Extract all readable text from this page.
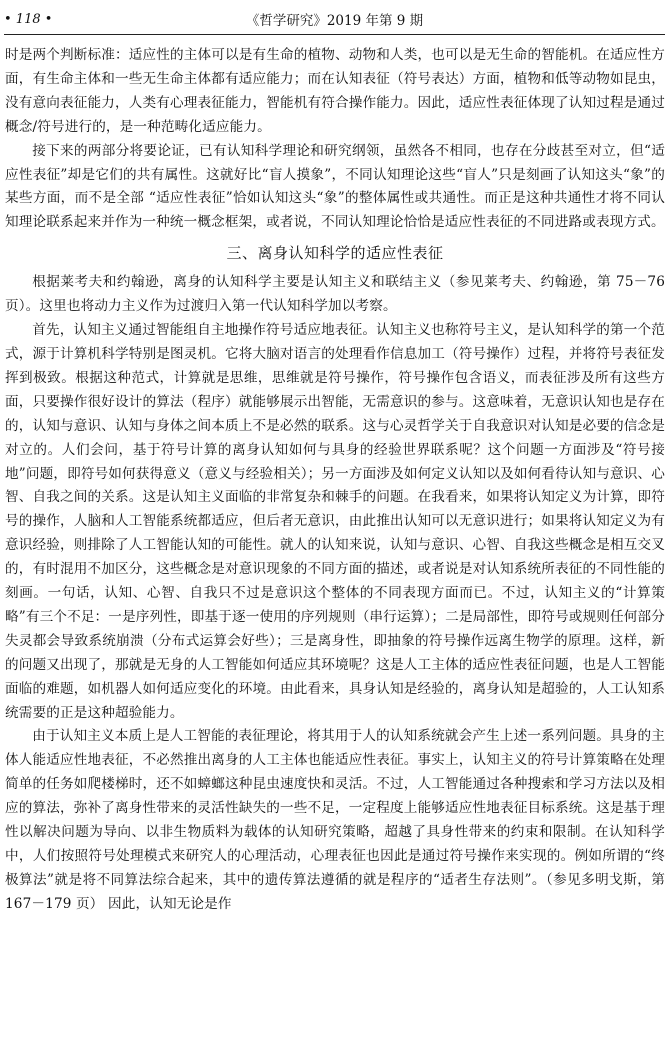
• 118 •	《哲学研究》2019 年第 9 期

时是两个判断标准：适应性的主体可以是有生命的植物、动物和人类，也可以是无生命的智能机。在适应性方面，有生命主体和一些无生命主体都有适应能力；而在认知表征（符号表达）方面，植物和低等动物如昆虫，没有意向表征能力，人类有心理表征能力，智能机有符合操作能力。因此，适应性表征体现了认知过程是通过概念/符号进行的，是一种范畴化适应能力。

接下来的两部分将要论证，已有认知科学理论和研究纲领，虽然各不相同，也存在分歧甚至对立，但“适应性表征”却是它们的共有属性。这就好比“盲人摸象”，不同认知理论这些“盲人”只是刻画了认知这头“象”的某些方面，而不是全部 “适应性表征”恰如认知这头“象”的整体属性或共通性。而正是这种共通性才将不同认知理论联系起来并作为一种统一概念框架，或者说，不同认知理论恰恰是适应性表征的不同进路或表现方式。

三、离身认知科学的适应性表征

根据莱考夫和约翰逊，离身的认知科学主要是认知主义和联结主义（参见莱考夫、约翰逊，第 75－76 页）。这里也将动力主义作为过渡归入第一代认知科学加以考察。

首先，认知主义通过智能组自主地操作符号适应地表征。认知主义也称符号主义，是认知科学的第一个范式，源于计算机科学特别是图灵机。它将大脑对语言的处理看作信息加工（符号操作）过程，并将符号表征发挥到极致。根据这种范式，计算就是思维，思维就是符号操作，符号操作包含语义，而表征涉及所有这些方面，只要操作很好设计的算法（程序）就能够展示出智能，无需意识的参与。这意味着，无意识认知也是存在的，认知与意识、认知与身体之间本质上不是必然的联系。这与心灵哲学关于自我意识对认知是必要的信念是对立的。人们会问，基于符号计算的离身认知如何与具身的经验世界联系呢？这个问题一方面涉及“符号接地”问题，即符号如何获得意义（意义与经验相关）；另一方面涉及如何定义认知以及如何看待认知与意识、心智、自我之间的关系。这是认知主义面临的非常复杂和棘手的问题。在我看来，如果将认知定义为计算，即符号的操作，人脑和人工智能系统都适应，但后者无意识，由此推出认知可以无意识进行；如果将认知定义为有意识经验，则排除了人工智能认知的可能性。就人的认知来说，认知与意识、心智、自我这些概念是相互交叉的，有时混用不加区分，这些概念是对意识现象的不同方面的描述，或者说是对认知系统所表征的不同性能的刻画。一句话，认知、心智、自我只不过是意识这个整体的不同表现方面而已。不过，认知主义的“计算策略”有三个不足：一是序列性，即基于逐一使用的序列规则（串行运算）；二是局部性，即符号或规则任何部分失灵都会导致系统崩溃（分布式运算会好些）；三是离身性，即抽象的符号操作远离生物学的原理。这样，新的问题又出现了，那就是无身的人工智能如何适应其环境呢？这是人工主体的适应性表征问题，也是人工智能面临的难题，如机器人如何适应变化的环境。由此看来，具身认知是经验的，离身认知是超验的，人工认知系统需要的正是这种超验能力。

由于认知主义本质上是人工智能的表征理论，将其用于人的认知系统就会产生上述一系列问题。具身的主体人能适应性地表征，不必然推出离身的人工主体也能适应性表征。事实上，认知主义的符号计算策略在处理简单的任务如爬楼梯时，还不如蟑螂这种昆虫速度快和灵活。不过，人工智能通过各种搜索和学习方法以及相应的算法，弥补了离身性带来的灵活性缺失的一些不足，一定程度上能够适应性地表征目标系统。这是基于理性以解决问题为导向、以非生物质料为载体的认知研究策略，超越了具身性带来的约束和限制。在认知科学中，人们按照符号处理模式来研究人的心理活动，心理表征也因此是通过符号操作来实现的。例如所谓的“终极算法”就是将不同算法综合起来，其中的遗传算法遵循的就是程序的“适者生存法则”。（参见多明戈斯，第 167－179 页） 因此，认知无论是作
